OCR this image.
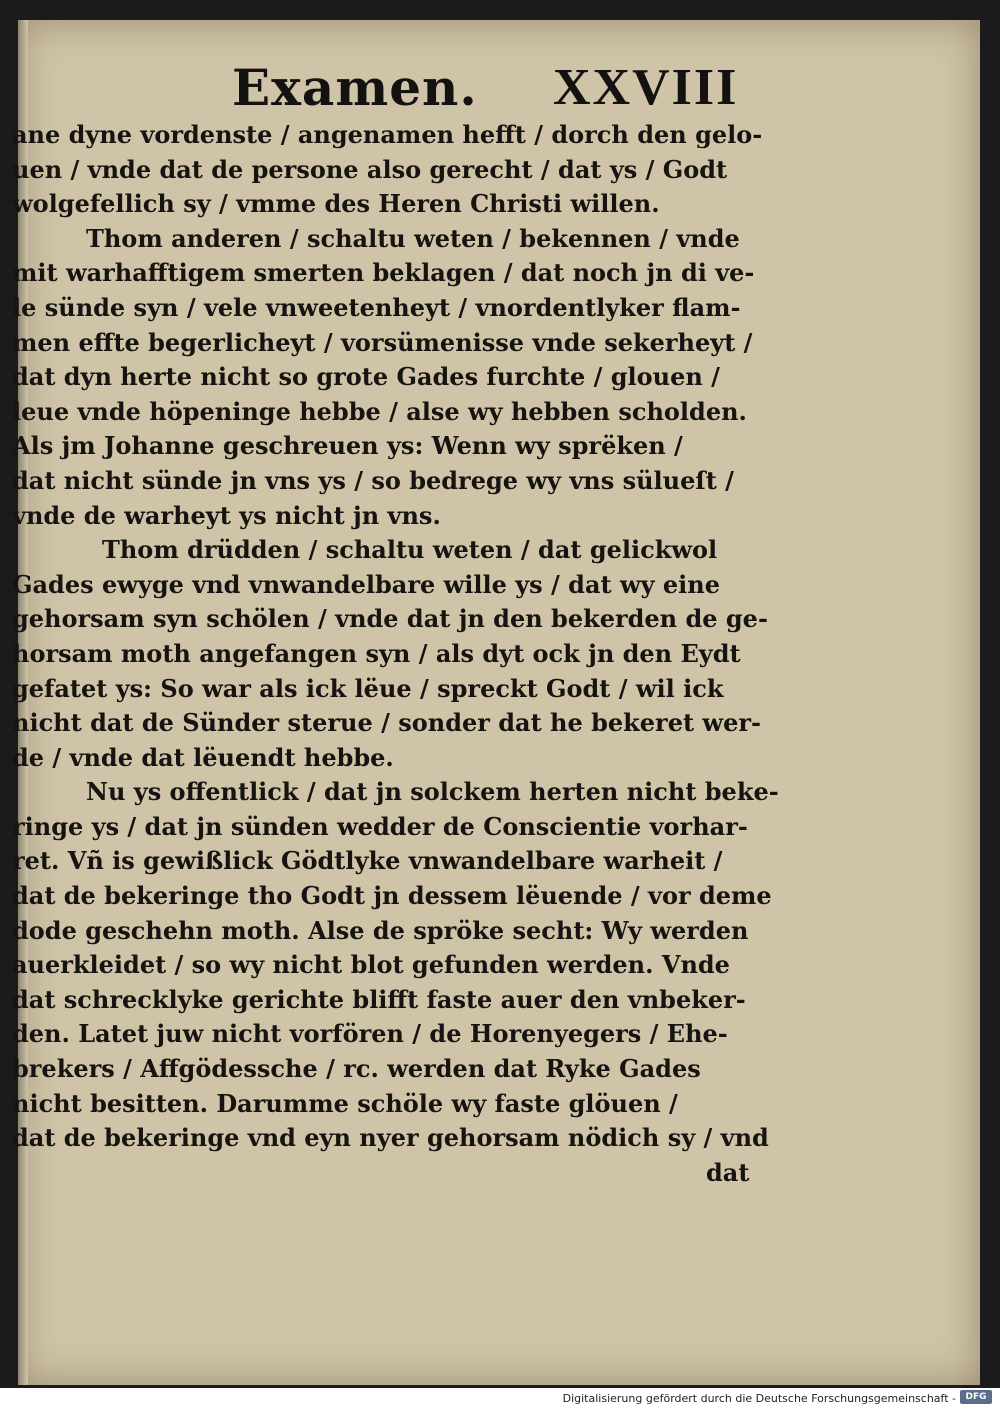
Examen. XXVIII
ane dyne vordenste / angenamen hefft / dorch den gelo-
uen / vnde dat de persone also gerecht / dat ys / Godt
wolgefellich sy / vmme des Heren Christi willen.
Thom anderen / schaltu weten / bekennen / vnde
mit warhafftigem smerten beklagen / dat noch jn di ve-
le sünde syn / vele vnweetenheyt / vnordentlyker flam-
men effte begerlicheyt / vorsümenisse vnde sekerheyt /
dat dyn herte nicht so grote Gades furchte / glouen /
leue vnde höpeninge hebbe / alse wy hebben scholden.
Als jm Johanne geschreuen ys: Wenn wy sprëken /
dat nicht sünde jn vns ys / so bedrege wy vns sülueſt /
vnde de warheyt ys nicht jn vns.
Thom drüdden / schaltu weten / dat gelickwol
Gades ewyge vnd vnwandelbare wille ys / dat wy eine
gehorsam syn schölen / vnde dat jn den bekerden de ge-
horsam moth angefangen syn / als dyt ock jn den Eydt
gefatet ys: So war als ick lëue / spreckt Godt / wil ick
nicht dat de Sünder sterue / sonder dat he bekeret wer-
de / vnde dat lëuendt hebbe.
Nu ys offentlick / dat jn solckem herten nicht beke-
ringe ys / dat jn sünden wedder de Conscientie vorhar-
ret. Vñ is gewißlick Gödtlyke vnwandelbare warheit /
dat de bekeringe tho Godt jn dessem lëuende / vor deme
dode geschehn moth. Alse de spröke secht: Wy werden
auerkleidet / so wy nicht blot gefunden werden. Vnde
dat schrecklyke gerichte blifft faste auer den vnbeker-
den. Latet juw nicht vorfören / de Horenyegers / Ehe-
brekers / Affgödessche / rc. werden dat Ryke Gades
nicht besitten. Darumme schöle wy faste glöuen /
dat de bekeringe vnd eyn nyer gehorsam nödich sy / vnd
dat
Digitalisierung gefördert durch die Deutsche Forschungsgemeinschaft -	DFG
